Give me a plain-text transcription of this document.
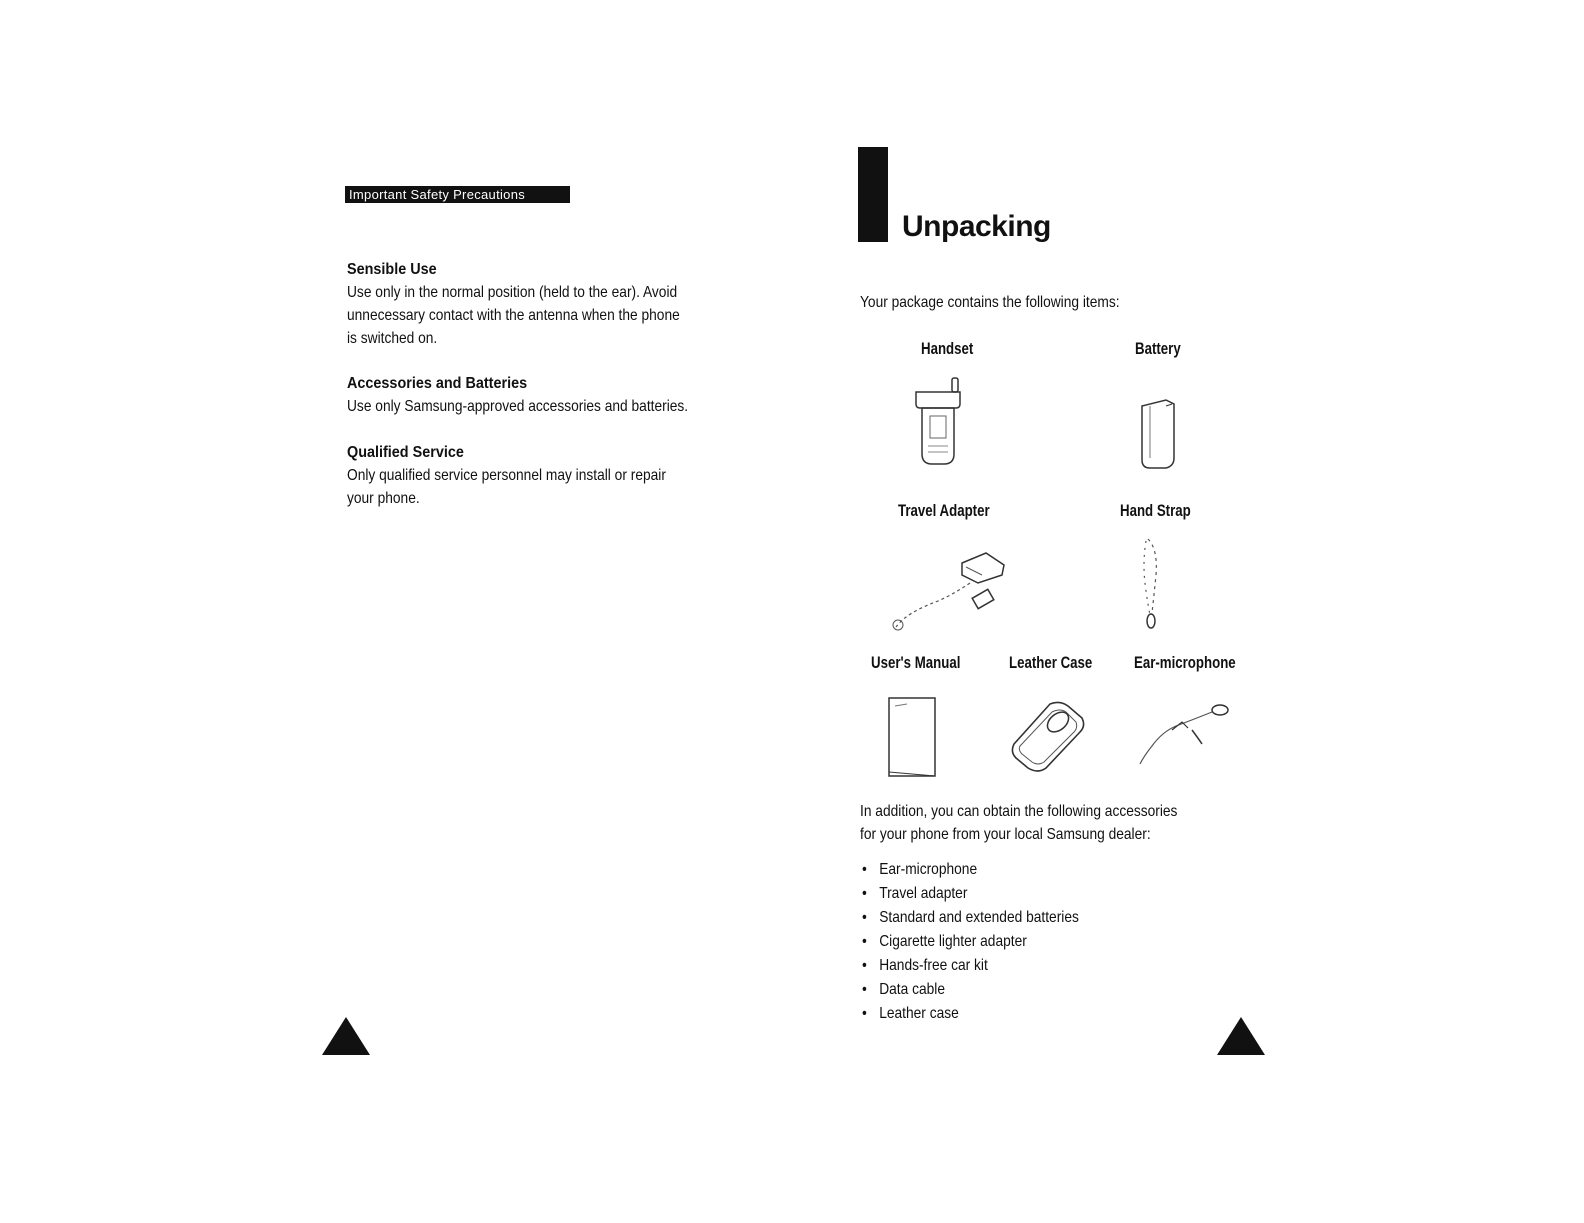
Important Safety Precautions
Sensible Use

Use only in the normal position (held to the ear). Avoid

unnecessary contact with the antenna when the phone

is switched on.

Accessories and Batteries

Use only Samsung-approved accessories and batteries.

Qualified Service

Only qualified service personnel may install or repair

your phone.

8
Unpacking
Your package contains the following items:
Handset	Battery
Travel Adapter	Hand Strap
User's Manual	Leather Case Ear-microphone
In addition, you can obtain the following accessories
for your phone from your local Samsung dealer:
• Ear-microphone
• Travel adapter
• Standard and extended batteries
• Cigarette lighter adapter
• Hands-free car kit
• Data cable
• Leather case
9
